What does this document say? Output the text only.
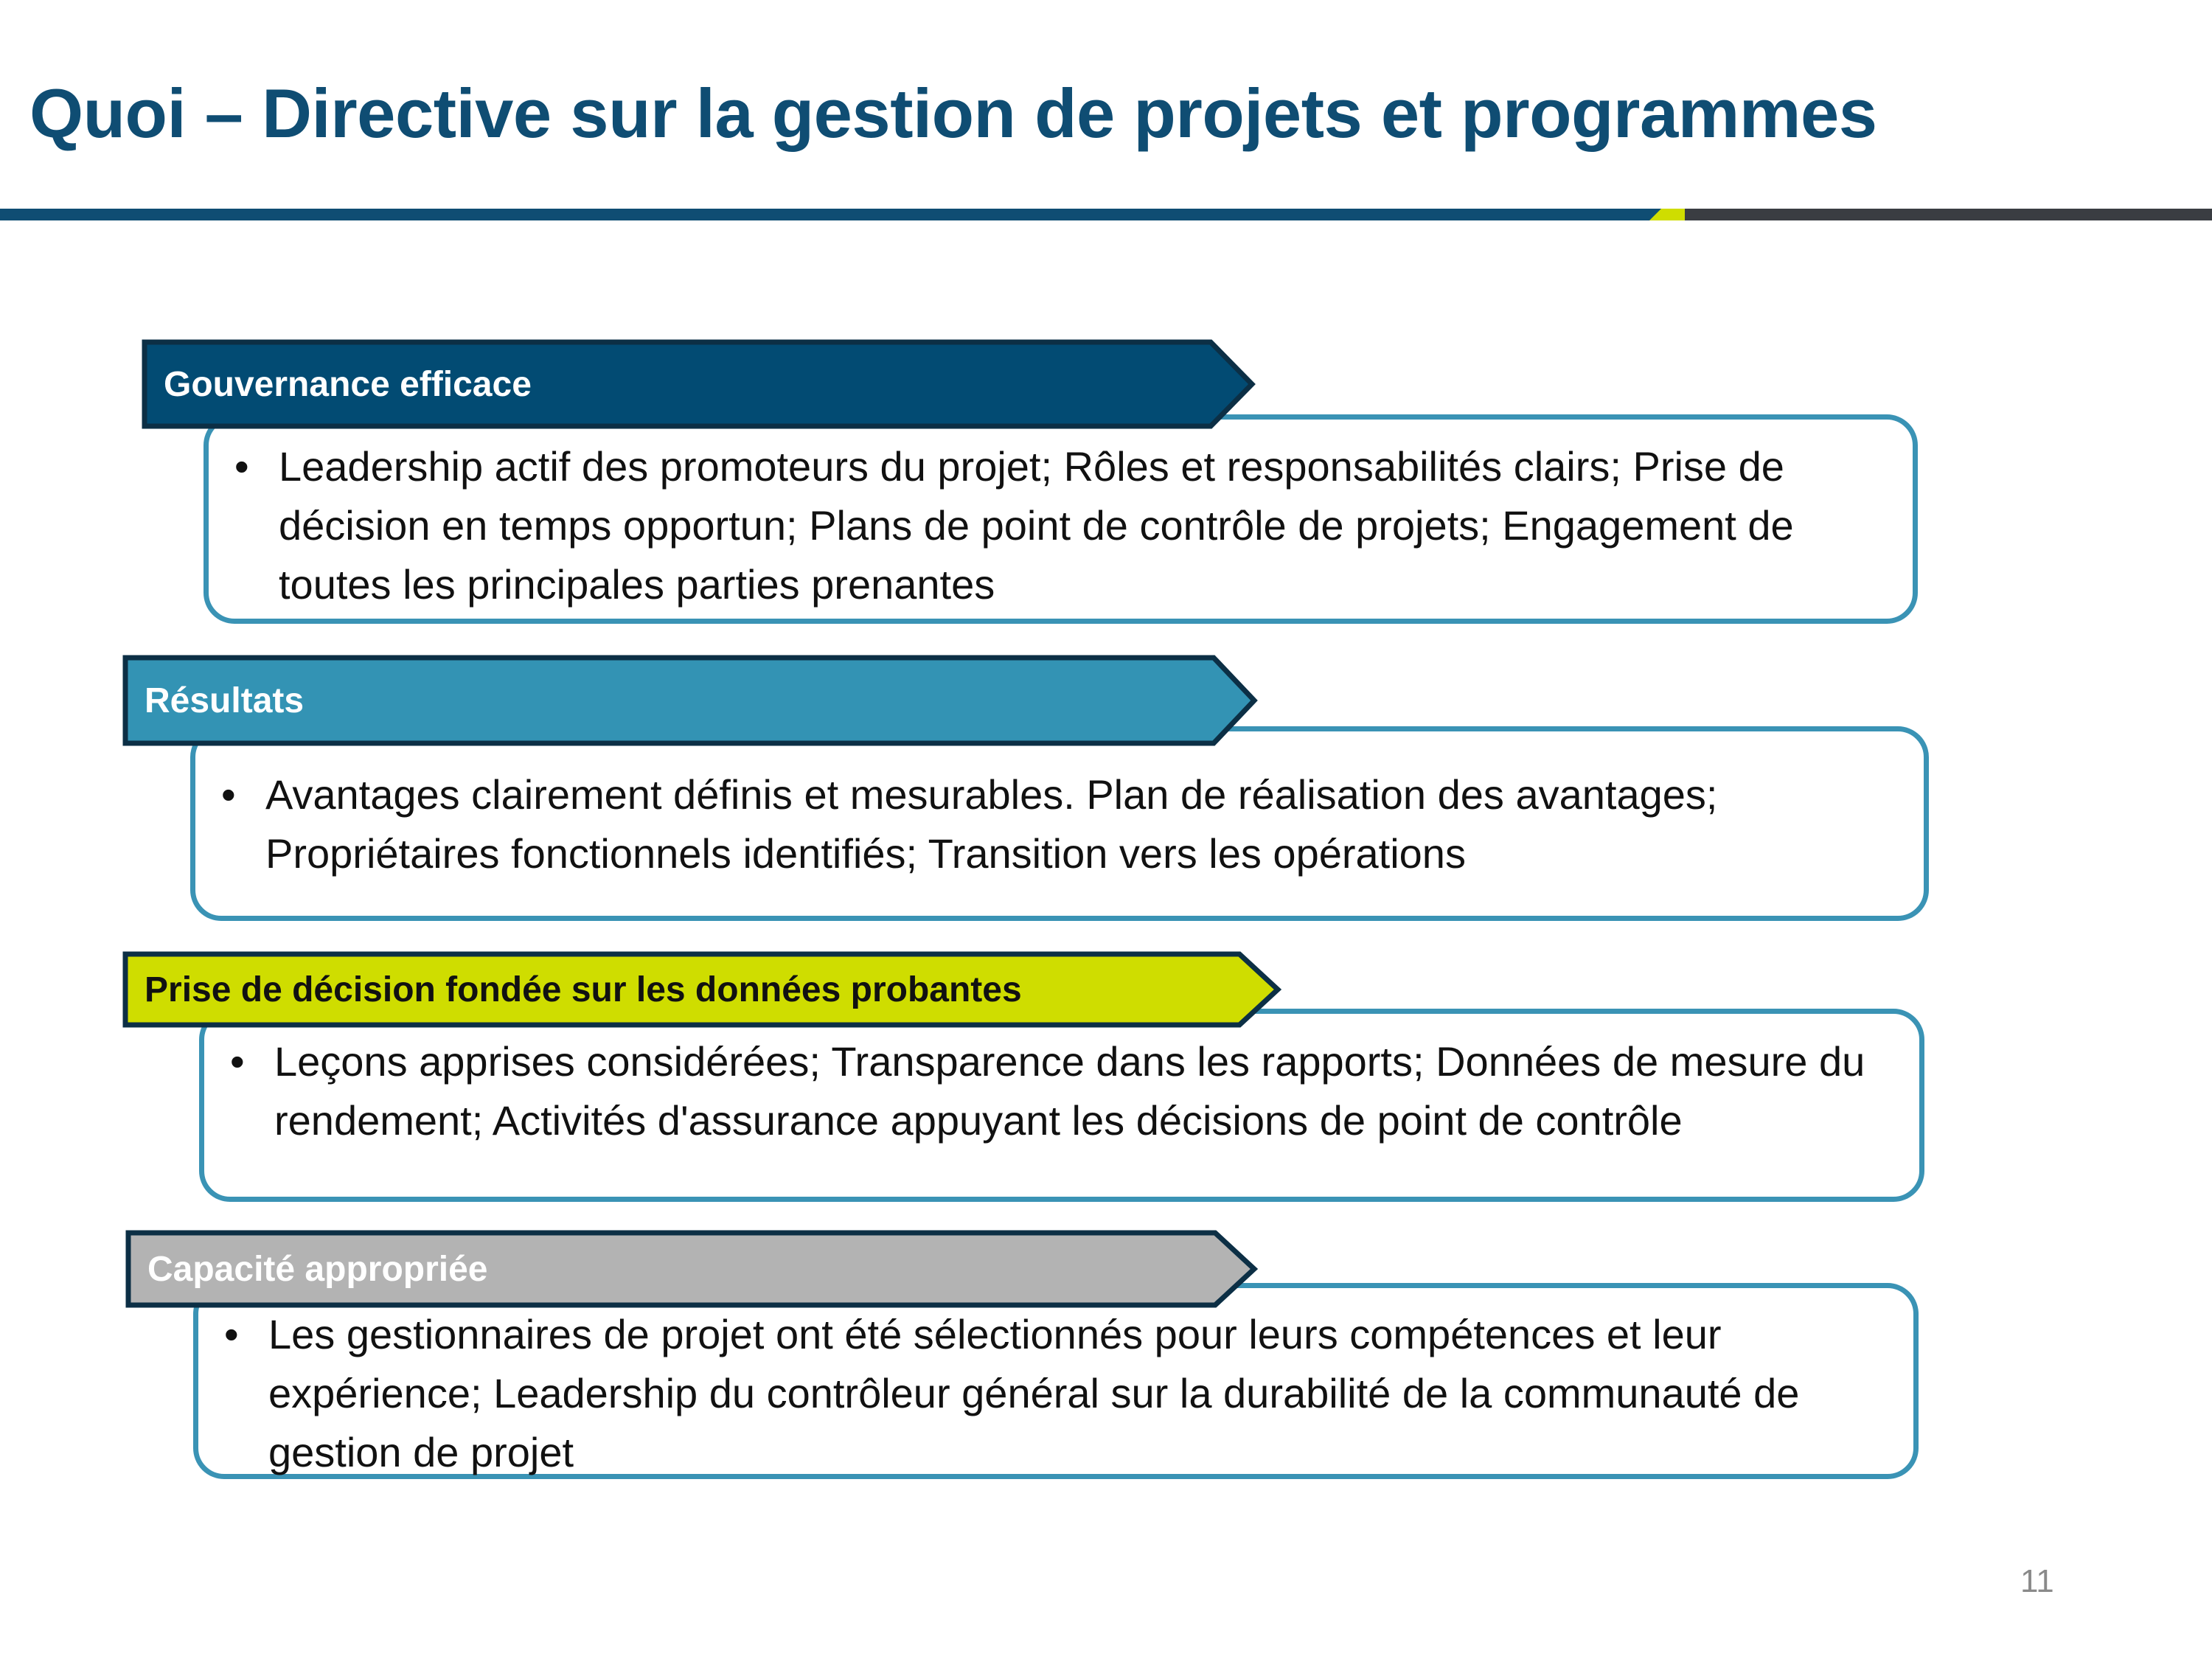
Quoi – Directive sur la gestion de projets et programmes
• Leadership actif des promoteurs du projet; Rôles et responsabilités clairs; Prise de décision en temps opportun; Plans de point de contrôle de projets; Engagement de toutes les principales parties prenantes
Gouvernance efficace
• Avantages clairement définis et mesurables. Plan de réalisation des avantages; Propriétaires fonctionnels identifiés; Transition vers les opérations
Résultats
• Leçons apprises considérées; Transparence dans les rapports; Données de mesure du rendement; Activités d'assurance appuyant les décisions de point de contrôle
Prise de décision fondée sur les données probantes
• Les gestionnaires de projet ont été sélectionnés pour leurs compétences et leur expérience; Leadership du contrôleur général sur la durabilité de la communauté de gestion de projet
Capacité appropriée
11
